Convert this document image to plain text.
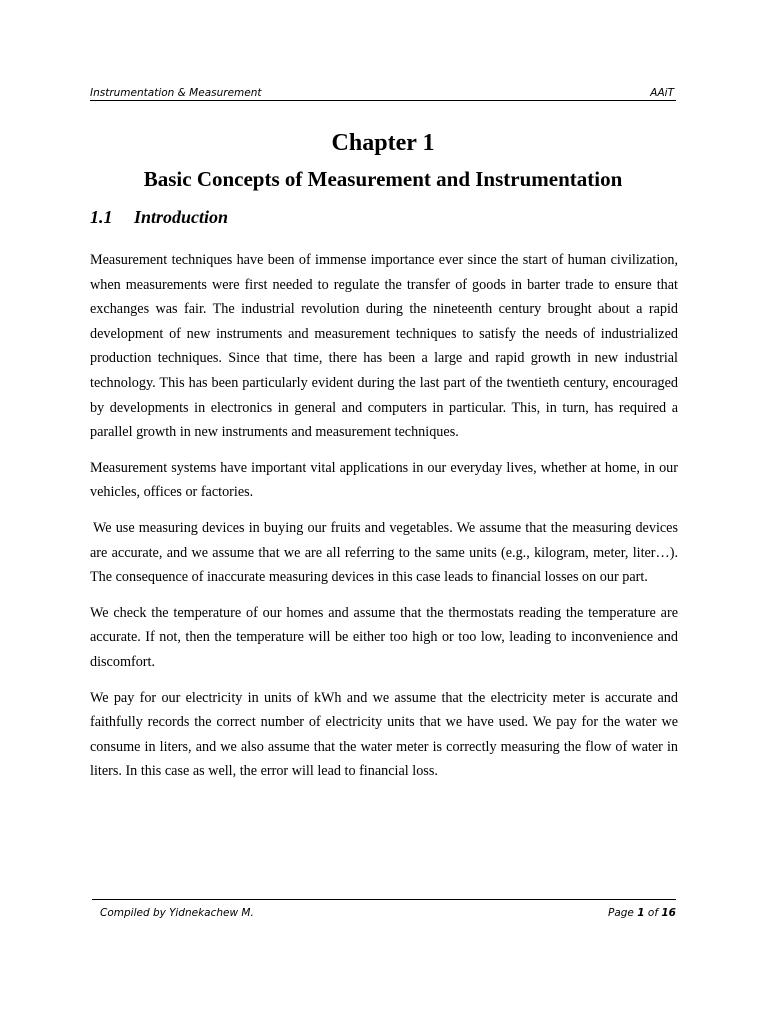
Instrumentation & Measurement	AAiT
Chapter 1
Basic Concepts of Measurement and Instrumentation
1.1 Introduction

Measurement techniques have been of immense importance ever since the start of human civilization, when measurements were first needed to regulate the transfer of goods in barter trade to ensure that exchanges was fair. The industrial revolution during the nineteenth century brought about a rapid development of new instruments and measurement techniques to satisfy the needs of industrialized production techniques. Since that time, there has been a large and rapid growth in new industrial technology. This has been particularly evident during the last part of the twentieth century, encouraged by developments in electronics in general and computers in particular. This, in turn, has required a parallel growth in new instruments and measurement techniques.

Measurement systems have important vital applications in our everyday lives, whether at home, in our vehicles, offices or factories.

We use measuring devices in buying our fruits and vegetables. We assume that the measuring devices are accurate, and we assume that we are all referring to the same units (e.g., kilogram, meter, liter…). The consequence of inaccurate measuring devices in this case leads to financial losses on our part.

We check the temperature of our homes and assume that the thermostats reading the temperature are accurate. If not, then the temperature will be either too high or too low, leading to inconvenience and discomfort.

We pay for our electricity in units of kWh and we assume that the electricity meter is accurate and faithfully records the correct number of electricity units that we have used. We pay for the water we consume in liters, and we also assume that the water meter is correctly measuring the flow of water in liters. In this case as well, the error will lead to financial loss.

Compiled by Yidnekachew M.	Page 1 of 16
